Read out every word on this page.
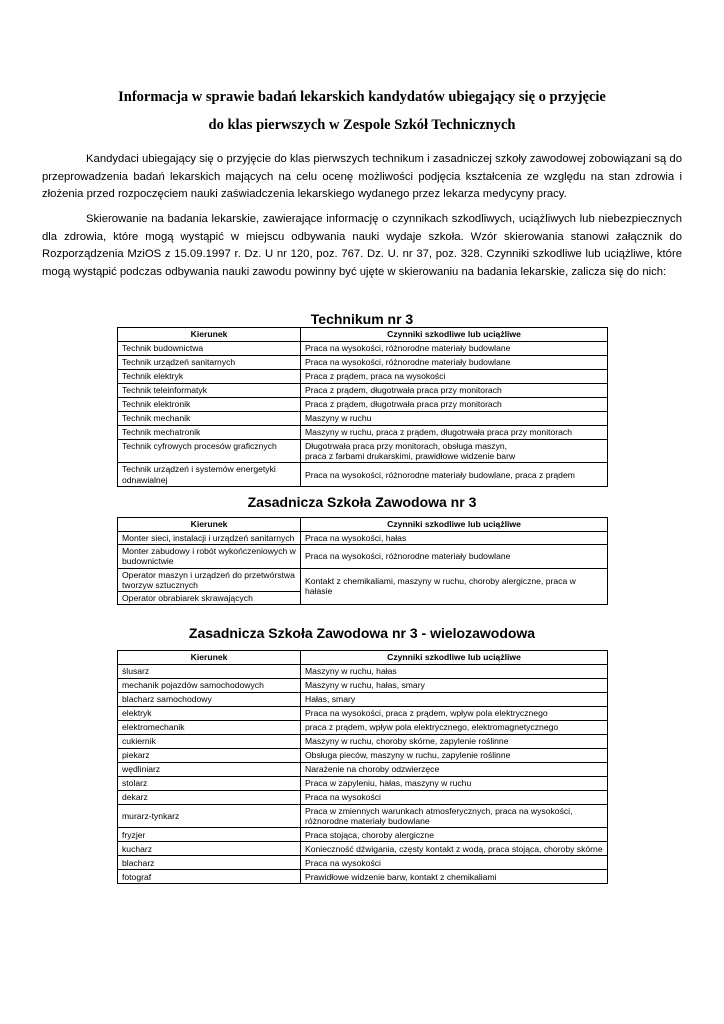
Informacja w sprawie badań lekarskich kandydatów ubiegający się o przyjęcie
do klas pierwszych w Zespole Szkół Technicznych

Kandydaci ubiegający się o przyjęcie do klas pierwszych technikum i zasadniczej szkoły zawodowej zobowiązani są do przeprowadzenia badań lekarskich mających na celu ocenę możliwości podjęcia kształcenia ze względu na stan zdrowia i złożenia przed rozpoczęciem nauki zaświadczenia lekarskiego wydanego przez lekarza medycyny pracy.

Skierowanie na badania lekarskie, zawierające informację o czynnikach szkodliwych, uciążliwych lub niebezpiecznych dla zdrowia, które mogą wystąpić w miejscu odbywania nauki wydaje szkoła. Wzór skierowania stanowi załącznik do Rozporządzenia MziOS z 15.09.1997 r. Dz. U nr 120, poz. 767. Dz. U. nr 37, poz. 328. Czynniki szkodliwe lub uciążliwe, które mogą wystąpić podczas odbywania nauki zawodu powinny być ujęte w skierowaniu na badania lekarskie, zalicza się do nich:

Technikum nr 3
Kierunek	Czynniki szkodliwe lub uciążliwe
Technik budownictwa	Praca na wysokości, różnorodne materiały budowlane
Technik urządzeń sanitarnych	Praca na wysokości, różnorodne materiały budowlane
Technik elektryk	Praca z prądem, praca na wysokości
Technik teleinformatyk	Praca z prądem, długotrwała praca przy monitorach
Technik elektronik	Praca z prądem, długotrwała praca przy monitorach
Technik mechanik	Maszyny w ruchu
Technik mechatronik	Maszyny w ruchu, praca z prądem, długotrwała praca przy monitorach
Technik cyfrowych procesów graficznych	Długotrwała praca przy monitorach, obsługa maszyn,
praca z farbami drukarskimi, prawidłowe widzenie barw
Technik urządzeń i systemów energetyki odnawialnej	Praca na wysokości, różnorodne materiały budowlane, praca z prądem
Zasadnicza Szkoła Zawodowa nr 3
Kierunek	Czynniki szkodliwe lub uciążliwe
Monter sieci, instalacji i urządzeń sanitarnych	Praca na wysokości, hałas
Monter zabudowy i robót wykończeniowych w budownictwie	Praca na wysokości, różnorodne materiały budowlane
Operator maszyn i urządzeń do przetwórstwa tworzyw sztucznych	Kontakt z chemikaliami, maszyny w ruchu, choroby alergiczne, praca w hałasie
Operator obrabiarek skrawających	
Zasadnicza Szkoła Zawodowa nr 3 - wielozawodowa
Kierunek	Czynniki szkodliwe lub uciążliwe
ślusarz	Maszyny w ruchu, hałas
mechanik pojazdów samochodowych	Maszyny w ruchu, hałas, smary
blacharz samochodowy	Hałas, smary
elektryk	Praca na wysokości, praca z prądem, wpływ pola elektrycznego
elektromechanik	praca z prądem, wpływ pola elektrycznego, elektromagnetycznego
cukiernik	Maszyny w ruchu, choroby skórne, zapylenie roślinne
piekarz	Obsługa pieców, maszyny w ruchu, zapylenie roślinne
wędliniarz	Narażenie na choroby odzwierzęce
stolarz	Praca w zapyleniu, hałas, maszyny w ruchu
dekarz	Praca na wysokości
murarz-tynkarz	Praca w zmiennych warunkach atmosferycznych, praca na wysokości, różnorodne materiały budowlane
fryzjer	Praca stojąca, choroby alergiczne
kucharz	Konieczność dźwigania, częsty kontakt z wodą, praca stojąca, choroby skórne
blacharz	Praca na wysokości
fotograf	Prawidłowe widzenie barw, kontakt z chemikaliami
